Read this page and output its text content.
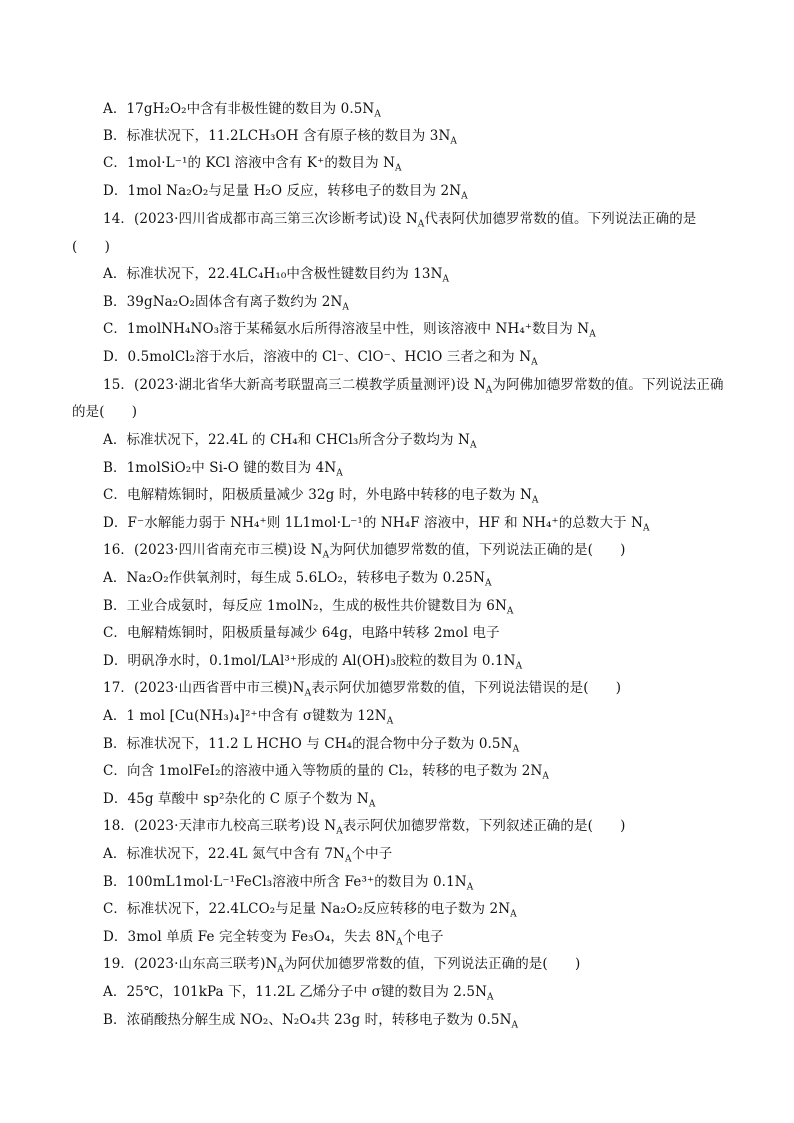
A．17gH₂O₂中含有非极性键的数目为 $0.5N_A$
B．标准状况下，11.2LCH₃OH 含有原子核的数目为 $3N_A$
C．1mol·L⁻¹的 KCl 溶液中含有 K⁺的数目为 $N_A$
D．1mol Na₂O₂与足量 H₂O 反应，转移电子的数目为 $2N_A$
14．(2023·四川省成都市高三第三次诊断考试)设 $N_A$代表阿伏加德罗常数的值。下列说法正确的是
(　　)
A．标准状况下，22.4LC₄H₁₀中含极性键数目约为 $13N_A$
B．39gNa₂O₂固体含有离子数约为 $2N_A$
C．1molNH₄NO₃溶于某稀氨水后所得溶液呈中性，则该溶液中 NH₄⁺数目为 $N_A$
D．0.5molCl₂溶于水后，溶液中的 Cl⁻、ClO⁻、HClO 三者之和为 $N_A$
15．(2023·湖北省华大新高考联盟高三二模教学质量测评)设 $N_A$为阿佛加德罗常数的值。下列说法正确
的是(　　)
A．标准状况下，22.4L 的 CH₄和 CHCl₃所含分子数均为 $N_A$
B．1molSiO₂中 Si-O 键的数目为 $4N_A$
C．电解精炼铜时，阳极质量减少 32g 时，外电路中转移的电子数为 $N_A$
D．F⁻水解能力弱于 NH₄⁺则 1L1mol·L⁻¹的 NH₄F 溶液中，HF 和 NH₄⁺的总数大于 $N_A$
16．(2023·四川省南充市三模)设 $N_A$为阿伏加德罗常数的值，下列说法正确的是(　　)
A．Na₂O₂作供氧剂时，每生成 5.6LO₂，转移电子数为 $0.25N_A$
B．工业合成氨时，每反应 1molN₂，生成的极性共价键数目为 $6N_A$
C．电解精炼铜时，阳极质量每减少 64g，电路中转移 2mol 电子
D．明矾净水时，0.1mol/LAl³⁺形成的 Al(OH)₃胶粒的数目为 $0.1N_A$
17．(2023·山西省晋中市三模)$N_A$表示阿伏加德罗常数的值，下列说法错误的是(　　)
A．1 mol [Cu(NH₃)₄]²⁺中含有 σ键数为 $12N_A$
B．标准状况下，11.2 L HCHO 与 CH₄的混合物中分子数为 $0.5N_A$
C．向含 1molFeI₂的溶液中通入等物质的量的 Cl₂，转移的电子数为 $2N_A$
D．45g 草酸中 sp²杂化的 C 原子个数为 $N_A$
18．(2023·天津市九校高三联考)设 $N_A$表示阿伏加德罗常数，下列叙述正确的是(　　)
A．标准状况下，22.4L 氮气中含有 $7N_A$个中子
B．100mL1mol·L⁻¹FeCl₃溶液中所含 Fe³⁺的数目为 $0.1N_A$
C．标准状况下，22.4LCO₂与足量 Na₂O₂反应转移的电子数为 $2N_A$
D．3mol 单质 Fe 完全转变为 Fe₃O₄，失去 $8N_A$个电子
19．(2023·山东高三联考)$N_A$为阿伏加德罗常数的值，下列说法正确的是(　　)
A．25℃，101kPa 下，11.2L 乙烯分子中 σ键的数目为 $2.5N_A$
B．浓硝酸热分解生成 NO₂、N₂O₄共 23g 时，转移电子数为 $0.5N_A$
